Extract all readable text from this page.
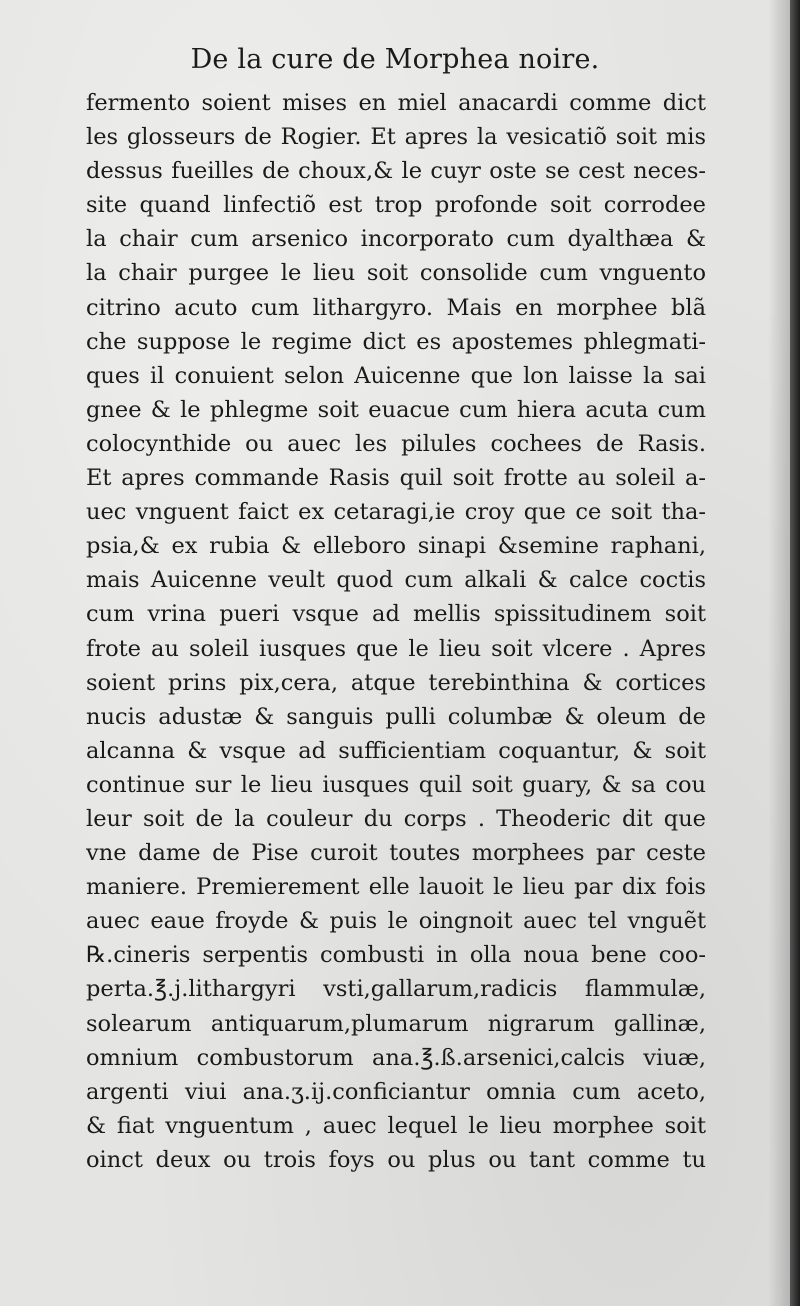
De la cure de Morphea noire.
fermento soient mises en miel anacardi comme dict
les glosseurs de Rogier. Et apres la vesicatiõ soit mis
dessus fueilles de choux,& le cuyr oste se cest neces-
site quand linfectiõ est trop profonde soit corrodee
la chair cum arsenico incorporato cum dyalthæa &
la chair purgee le lieu soit consolide cum vnguento
citrino acuto cum lithargyro. Mais en morphee blã
che suppose le regime dict es apostemes phlegmati-
ques il conuient selon Auicenne que lon laisse la sai
gnee & le phlegme soit euacue cum hiera acuta cum
colocynthide ou auec les pilules cochees de Rasis.
Et apres commande Rasis quil soit frotte au soleil a-
uec vnguent faict ex cetaragi,ie croy que ce soit tha-
psia,& ex rubia & elleboro sinapi &semine raphani,
mais Auicenne veult quod cum alkali & calce coctis
cum vrina pueri vsque ad mellis spissitudinem soit
frote au soleil iusques que le lieu soit vlcere . Apres
soient prins pix,cera, atque terebinthina & cortices
nucis adustæ & sanguis pulli columbæ & oleum de
alcanna & vsque ad sufficientiam coquantur, & soit
continue sur le lieu iusques quil soit guary, & sa cou
leur soit de la couleur du corps . Theoderic dit que
vne dame de Pise curoit toutes morphees par ceste
maniere. Premierement elle lauoit le lieu par dix fois
auec eaue froyde & puis le oingnoit auec tel vnguẽt
℞.cineris serpentis combusti in olla noua bene coo-
perta.℥.j.lithargyri vsti,gallarum,radicis flammulæ,
solearum antiquarum,plumarum nigrarum gallinæ,
omnium combustorum ana.℥.ß.arsenici,calcis viuæ,
argenti viui ana.ʒ.ij.conficiantur omnia cum aceto,
& fiat vnguentum , auec lequel le lieu morphee soit
oinct deux ou trois foys ou plus ou tant comme tu
